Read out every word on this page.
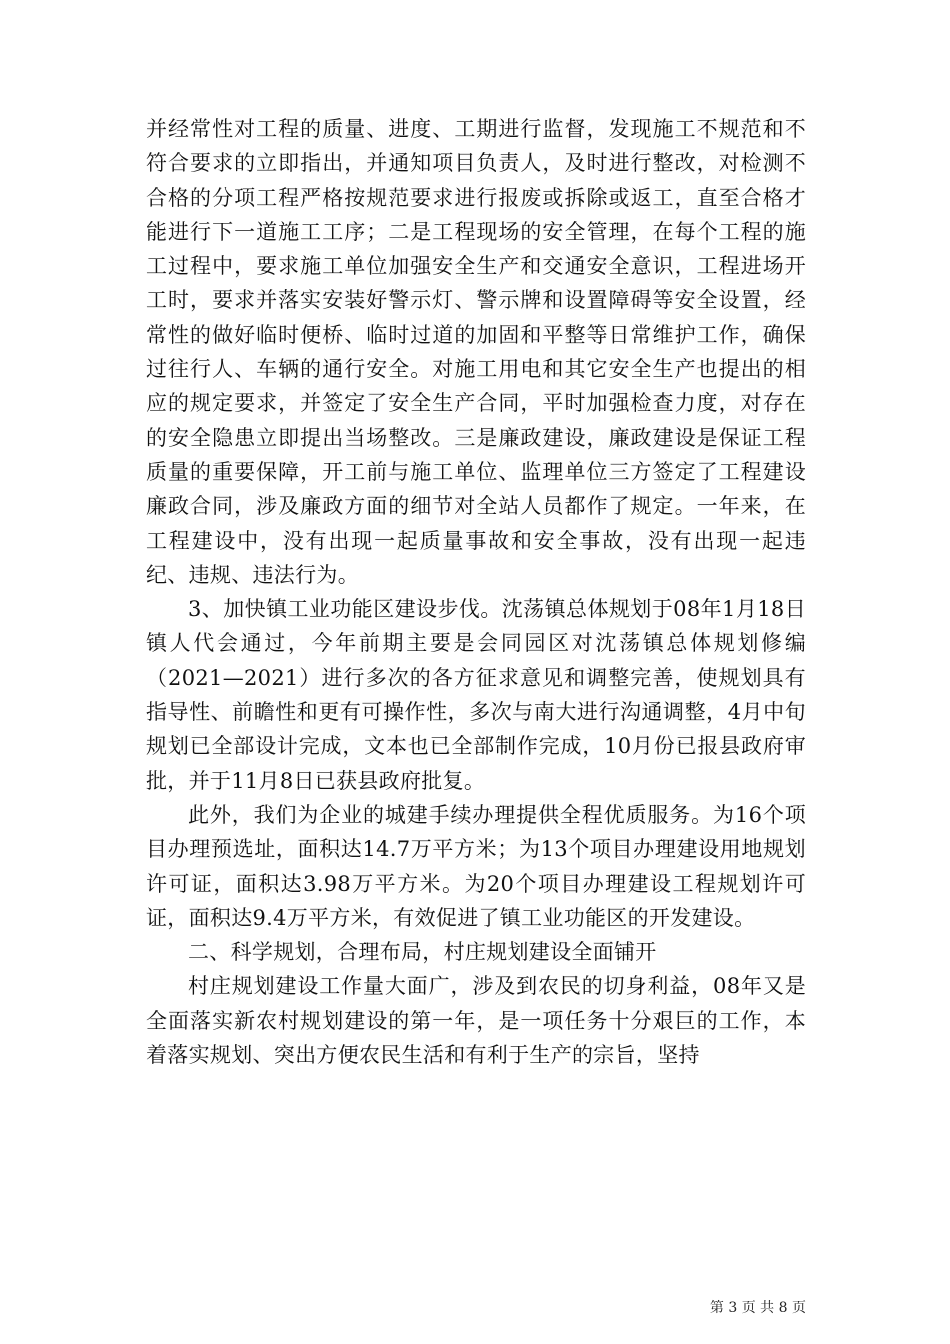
并经常性对工程的质量、进度、工期进行监督，发现施工不规范和不符合要求的立即指出，并通知项目负责人，及时进行整改，对检测不合格的分项工程严格按规范要求进行报废或拆除或返工，直至合格才能进行下一道施工工序；二是工程现场的安全管理，在每个工程的施工过程中，要求施工单位加强安全生产和交通安全意识，工程进场开工时，要求并落实安装好警示灯、警示牌和设置障碍等安全设置，经常性的做好临时便桥、临时过道的加固和平整等日常维护工作，确保过往行人、车辆的通行安全。对施工用电和其它安全生产也提出的相应的规定要求，并签定了安全生产合同，平时加强检查力度，对存在的安全隐患立即提出当场整改。三是廉政建设，廉政建设是保证工程质量的重要保障，开工前与施工单位、监理单位三方签定了工程建设廉政合同，涉及廉政方面的细节对全站人员都作了规定。一年来，在工程建设中，没有出现一起质量事故和安全事故，没有出现一起违纪、违规、违法行为。

3、加快镇工业功能区建设步伐。沈荡镇总体规划于08年1月18日镇人代会通过，今年前期主要是会同园区对沈荡镇总体规划修编（2021—2021）进行多次的各方征求意见和调整完善，使规划具有指导性、前瞻性和更有可操作性，多次与南大进行沟通调整，4月中旬规划已全部设计完成，文本也已全部制作完成，10月份已报县政府审批，并于11月8日已获县政府批复。

此外，我们为企业的城建手续办理提供全程优质服务。为16个项目办理预选址，面积达14.7万平方米；为13个项目办理建设用地规划许可证，面积达3.98万平方米。为20个项目办理建设工程规划许可证，面积达9.4万平方米，有效促进了镇工业功能区的开发建设。

二、科学规划，合理布局，村庄规划建设全面铺开

村庄规划建设工作量大面广，涉及到农民的切身利益，08年又是全面落实新农村规划建设的第一年，是一项任务十分艰巨的工作，本着落实规划、突出方便农民生活和有利于生产的宗旨，坚持

第 3 页 共 8 页
